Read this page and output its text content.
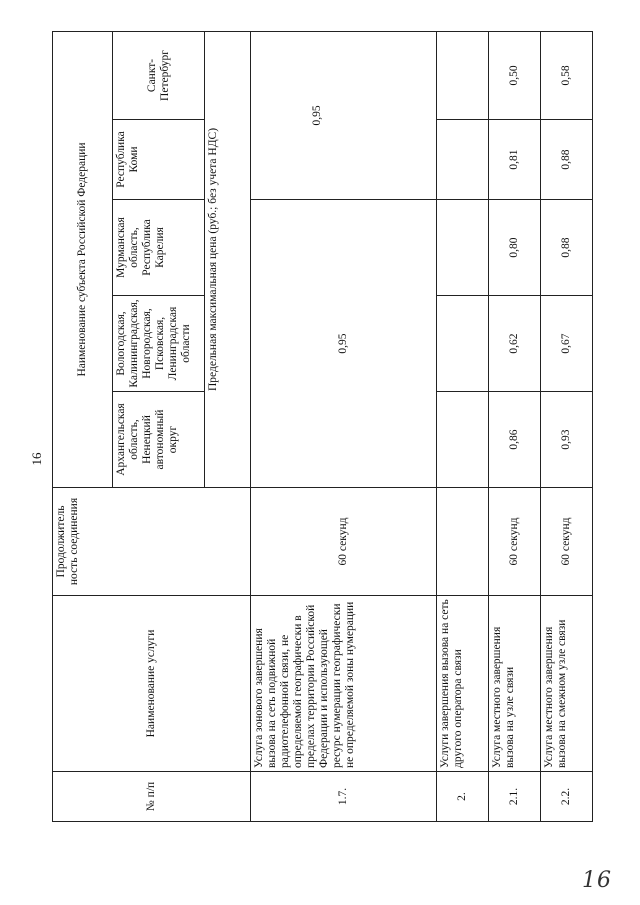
16
№ п/п	Наименование услуги	Продолжитель ность соединения	Наименование субъекта Российской Федерации				
			Архангельская область, Ненецкий автономный округ	Вологодская, Калининградская, Новгородская, Псковская, Ленинградская области	Мурманская область, Республика Карелия	Республика Коми	Санкт-Петербург
			Предельная максимальная цена (руб.; без учета НДС)				
1.7.	Услуга зонового завершения вызова на сеть подвижной радиотелефонной связи, не определяемой географически в пределах территории Российской Федерации и использующей ресурс нумерации географически не определяемой зоны нумерации	60 секунд	0,95			0,95	
2.	Услуги завершения вызова на сеть другого оператора связи						
2.1.	Услуга местного завершения вызова на узле связи	60 секунд	0,86	0,62	0,80	0,81	0,50
2.2.	Услуга местного завершения вызова на смежном узле связи	60 секунд	0,93	0,67	0,88	0,88	0,58
16
